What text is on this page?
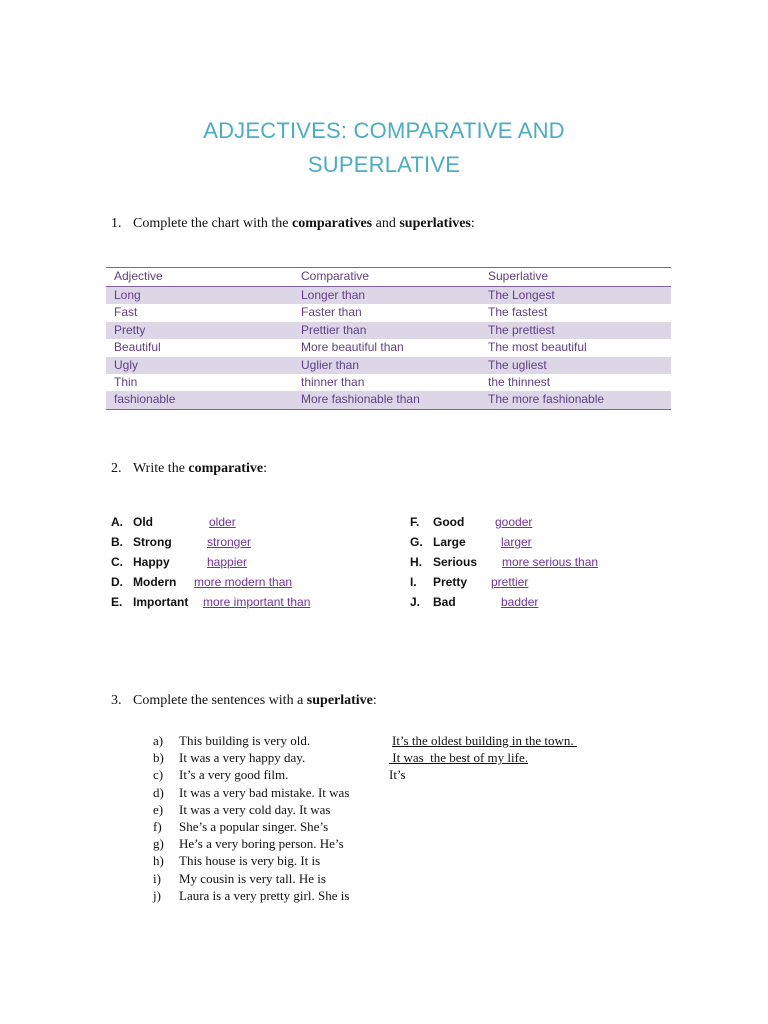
ADJECTIVES: COMPARATIVE AND
SUPERLATIVE
1. Complete the chart with the comparatives and superlatives:
Adjective	Comparative	Superlative
Long	Longer than	The Longest
Fast	Faster than	The fastest
Pretty	Prettier than	The prettiest
Beautiful	More beautiful than	The most beautiful
Ugly	Uglier than	The ugliest
Thin	thinner than	the thinnest
fashionable	More fashionable than	The more fashionable
2. Write the comparative:
A. Old	older
B. Strong	stronger
C. Happy	happier
D. Modern more modern than
E. Important more important than
F. Good	gooder
G. Large	larger
H. Serious more serious than
I. Pretty prettier
J. Bad	badder
3. Complete the sentences with a superlative:
a) This building is very old.	It’s the oldest building in the town.
b) It was a very happy day.	It was  the best of my life.
c) It’s a very good film.	It’s
d) It was a very bad mistake. It was
e) It was a very cold day. It was
f) She’s a popular singer. She’s
g) He’s a very boring person. He’s
h) This house is very big. It is
i) My cousin is very tall. He is
j) Laura is a very pretty girl. She is
